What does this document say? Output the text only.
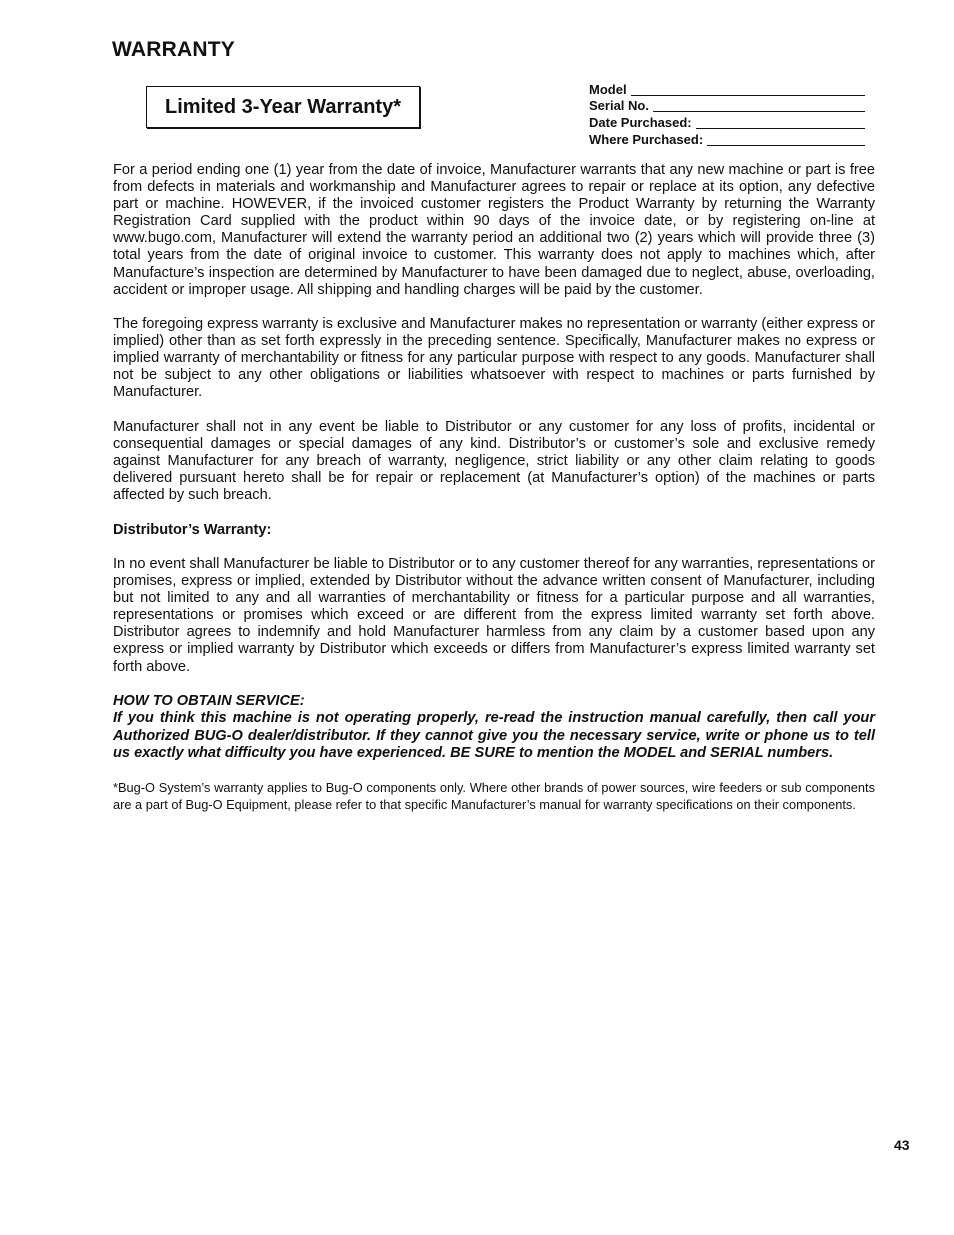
WARRANTY
Limited 3-Year Warranty*
Model
Serial No.
Date Purchased:
Where Purchased:

For a period ending one (1) year from the date of invoice, Manufacturer warrants that any new machine or part is free from defects in materials and workmanship and Manufacturer agrees to repair or replace at its option, any defective part or machine. HOWEVER, if the invoiced customer registers the Product Warranty by returning the Warranty Registration Card supplied with the product within 90 days of the invoice date, or by registering on-line at www.bugo.com, Manufacturer will extend the warranty period an additional two (2) years which will provide three (3) total years from the date of original invoice to customer. This warranty does not apply to machines which, after Manufacture’s inspection are determined by Manufacturer to have been damaged due to neglect, abuse, overloading, accident or improper usage. All shipping and handling charges will be paid by the customer.

The foregoing express warranty is exclusive and Manufacturer makes no representation or warranty (either express or implied) other than as set forth expressly in the preceding sentence. Specifically, Manufacturer makes no express or implied warranty of merchantability or fitness for any particular purpose with respect to any goods. Manufacturer shall not be subject to any other obligations or liabilities whatsoever with respect to machines or parts furnished by Manufacturer.

Manufacturer shall not in any event be liable to Distributor or any customer for any loss of profits, incidental or consequential damages or special damages of any kind. Distributor’s or customer’s sole and exclusive remedy against Manufacturer for any breach of warranty, negligence, strict liability or any other claim relating to goods delivered pursuant hereto shall be for repair or replacement (at Manufacturer’s option) of the machines or parts affected by such breach.

Distributor’s Warranty:

In no event shall Manufacturer be liable to Distributor or to any customer thereof for any warranties, representations or promises, express or implied, extended by Distributor without the advance written consent of Manufacturer, including but not limited to any and all warranties of merchantability or fitness for a particular purpose and all warranties, representations or promises which exceed or are different from the express limited warranty set forth above. Distributor agrees to indemnify and hold Manufacturer harmless from any claim by a customer based upon any express or implied warranty by Distributor which exceeds or differs from Manufacturer’s express limited warranty set forth above.

HOW TO OBTAIN SERVICE:
If you think this machine is not operating properly, re-read the instruction manual carefully, then call your Authorized BUG-O dealer/distributor. If they cannot give you the necessary service, write or phone us to tell us exactly what difficulty you have experienced. BE SURE to mention the MODEL and SERIAL numbers.

*Bug-O System’s warranty applies to Bug-O components only. Where other brands of power sources, wire feeders or sub components are a part of Bug-O Equipment, please refer to that specific Manufacturer’s manual for warranty specifications on their components.

43
